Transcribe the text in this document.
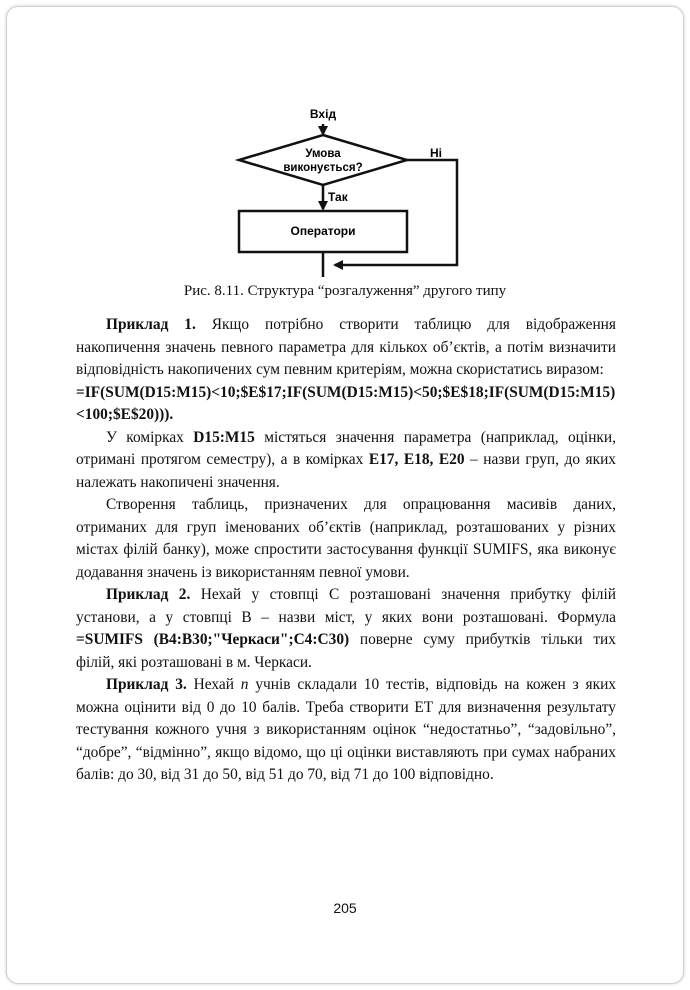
Вхід
Умова
виконується?
Ні
Так
Оператори
Рис. 8.11. Структура “розгалуження” другого типу

Приклад 1. Якщо потрібно створити таблицю для відображення накопичення значень певного параметра для кількох об’єктів, а потім визначити відповідність накопичених сум певним критеріям, можна скористатись виразом:

=IF(SUM(D15:M15)<10;$E$17;IF(SUM(D15:M15)<50;$E$18;IF(SUM(D15:M15)<100;$E$20))).

У комірках D15:M15 містяться значення параметра (наприклад, оцінки, отримані протягом семестру), а в комірках E17, E18, E20 – назви груп, до яких належать накопичені значення.

Створення таблиць, призначених для опрацювання масивів даних, отриманих для груп іменованих об’єктів (наприклад, розташованих у різних містах філій банку), може спростити застосування функції SUMIFS, яка виконує додавання значень із використанням певної умови.

Приклад 2. Нехай у стовпці С розташовані значення прибутку філій установи, а у стовпці В – назви міст, у яких вони розташовані. Формула =SUMIFS (B4:B30;"Черкаси";C4:C30) поверне суму прибутків тільки тих філій, які розташовані в м. Черкаси.

Приклад 3. Нехай n учнів складали 10 тестів, відповідь на кожен з яких можна оцінити від 0 до 10 балів. Треба створити ЕТ для визначення результату тестування кожного учня з використанням оцінок “недостатньо”, “задовільно”, “добре”, “відмінно”, якщо відомо, що ці оцінки виставляють при сумах набраних балів: до 30, від 31 до 50, від 51 до 70, від 71 до 100 відповідно.

205
